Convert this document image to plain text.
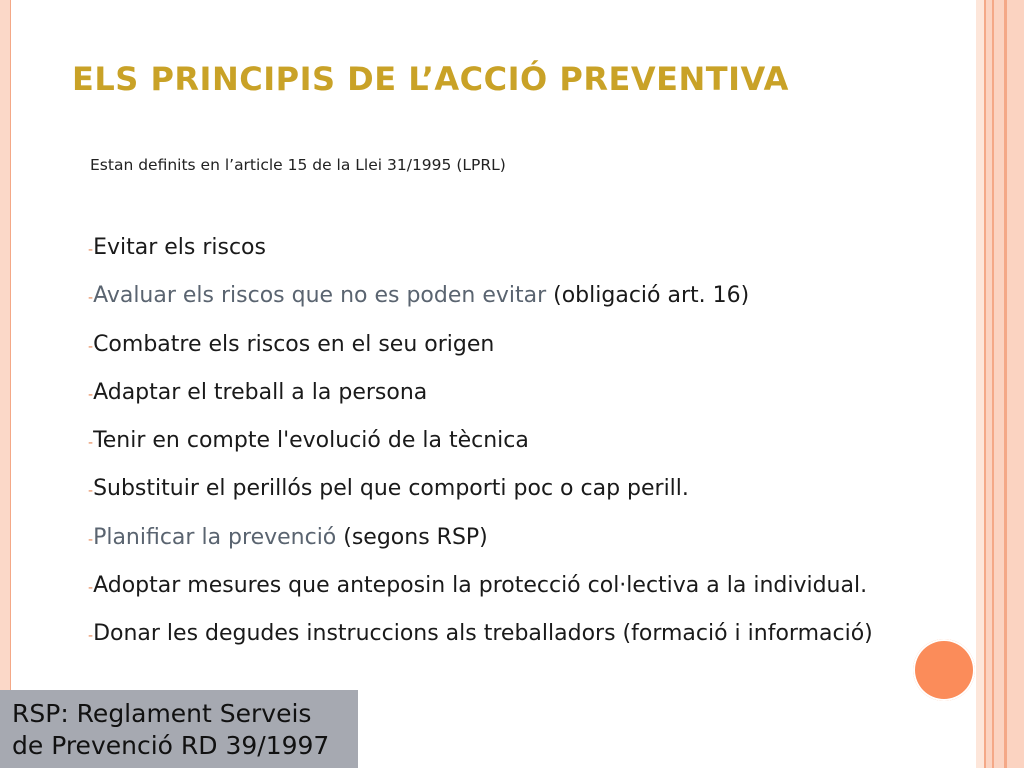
ELS PRINCIPIS DE L’ACCIÓ PREVENTIVA
Estan definits en l’article 15 de la Llei 31/1995 (LPRL)
-Evitar els riscos
-Avaluar els riscos que no es poden evitar (obligació art. 16)
-Combatre els riscos en el seu origen
-Adaptar el treball a la persona
-Tenir en compte l'evolució de la tècnica
-Substituir el perillós pel que comporti poc o cap perill.
-Planificar la prevenció (segons RSP)
-Adoptar mesures que anteposin la protecció col·lectiva a la individual.
-Donar les degudes instruccions als treballadors (formació i informació)
RSP: Reglament Serveis
de Prevenció RD 39/1997
